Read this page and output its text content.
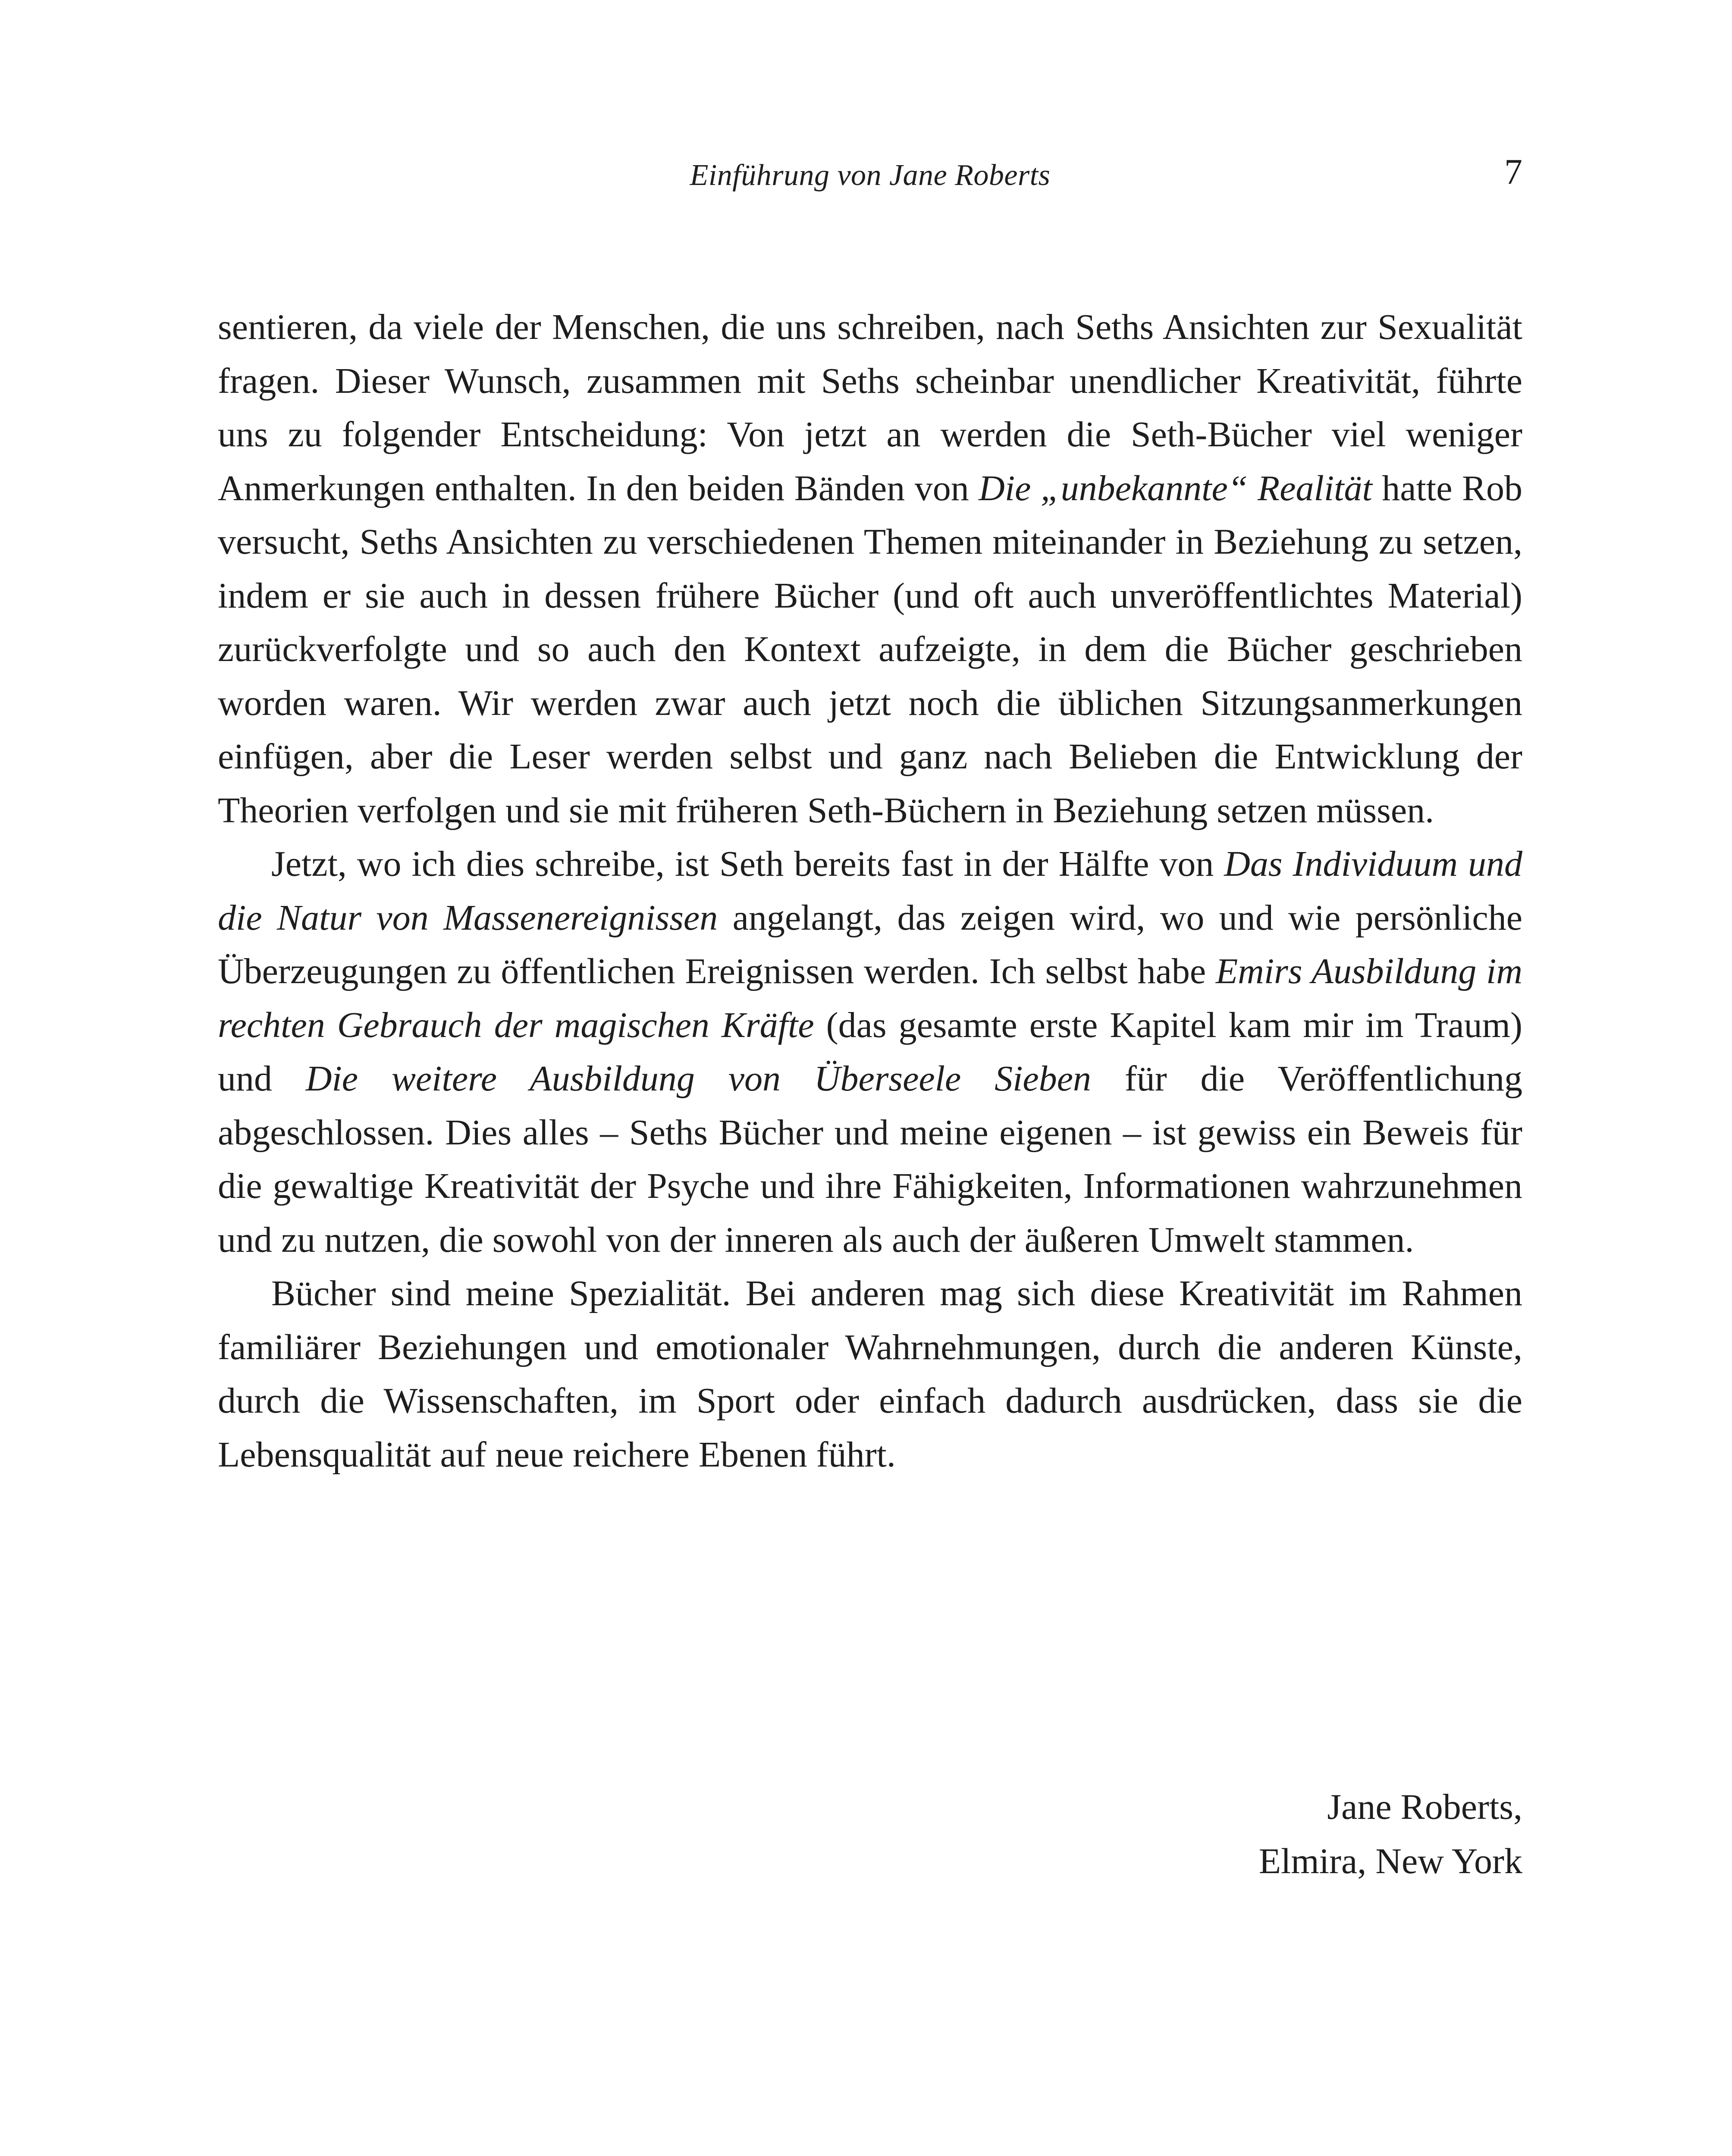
Einführung von Jane Roberts	7

sentieren, da viele der Menschen, die uns schreiben, nach Seths Ansichten zur Sexualität fragen. Dieser Wunsch, zusammen mit Seths scheinbar unendlicher Kreativität, führte uns zu folgender Entscheidung: Von jetzt an werden die Seth-Bücher viel weniger Anmerkungen enthalten. In den beiden Bänden von Die „unbekannte“ Realität hatte Rob versucht, Seths Ansichten zu verschiedenen Themen miteinander in Beziehung zu setzen, indem er sie auch in dessen frühere Bücher (und oft auch unveröffentlichtes Material) zurückverfolgte und so auch den Kontext aufzeigte, in dem die Bücher geschrieben worden waren. Wir werden zwar auch jetzt noch die üblichen Sitzungsanmerkungen einfügen, aber die Leser werden selbst und ganz nach Belieben die Entwicklung der Theorien verfolgen und sie mit früheren Seth-Büchern in Beziehung setzen müssen.

Jetzt, wo ich dies schreibe, ist Seth bereits fast in der Hälfte von Das Individuum und die Natur von Massenereignissen angelangt, das zeigen wird, wo und wie persönliche Überzeugungen zu öffentlichen Ereignissen werden. Ich selbst habe Emirs Ausbildung im rechten Gebrauch der magischen Kräfte (das gesamte erste Kapitel kam mir im Traum) und Die weitere Ausbildung von Überseele Sieben für die Veröffentlichung abgeschlossen. Dies alles – Seths Bücher und meine eigenen – ist gewiss ein Beweis für die gewaltige Kreativität der Psyche und ihre Fähigkeiten, Informationen wahrzunehmen und zu nutzen, die sowohl von der inneren als auch der äußeren Umwelt stammen.

Bücher sind meine Spezialität. Bei anderen mag sich diese Kreativität im Rahmen familiärer Beziehungen und emotionaler Wahrnehmungen, durch die anderen Künste, durch die Wissenschaften, im Sport oder einfach dadurch ausdrücken, dass sie die Lebensqualität auf neue reichere Ebenen führt.

Jane Roberts,
Elmira, New York
